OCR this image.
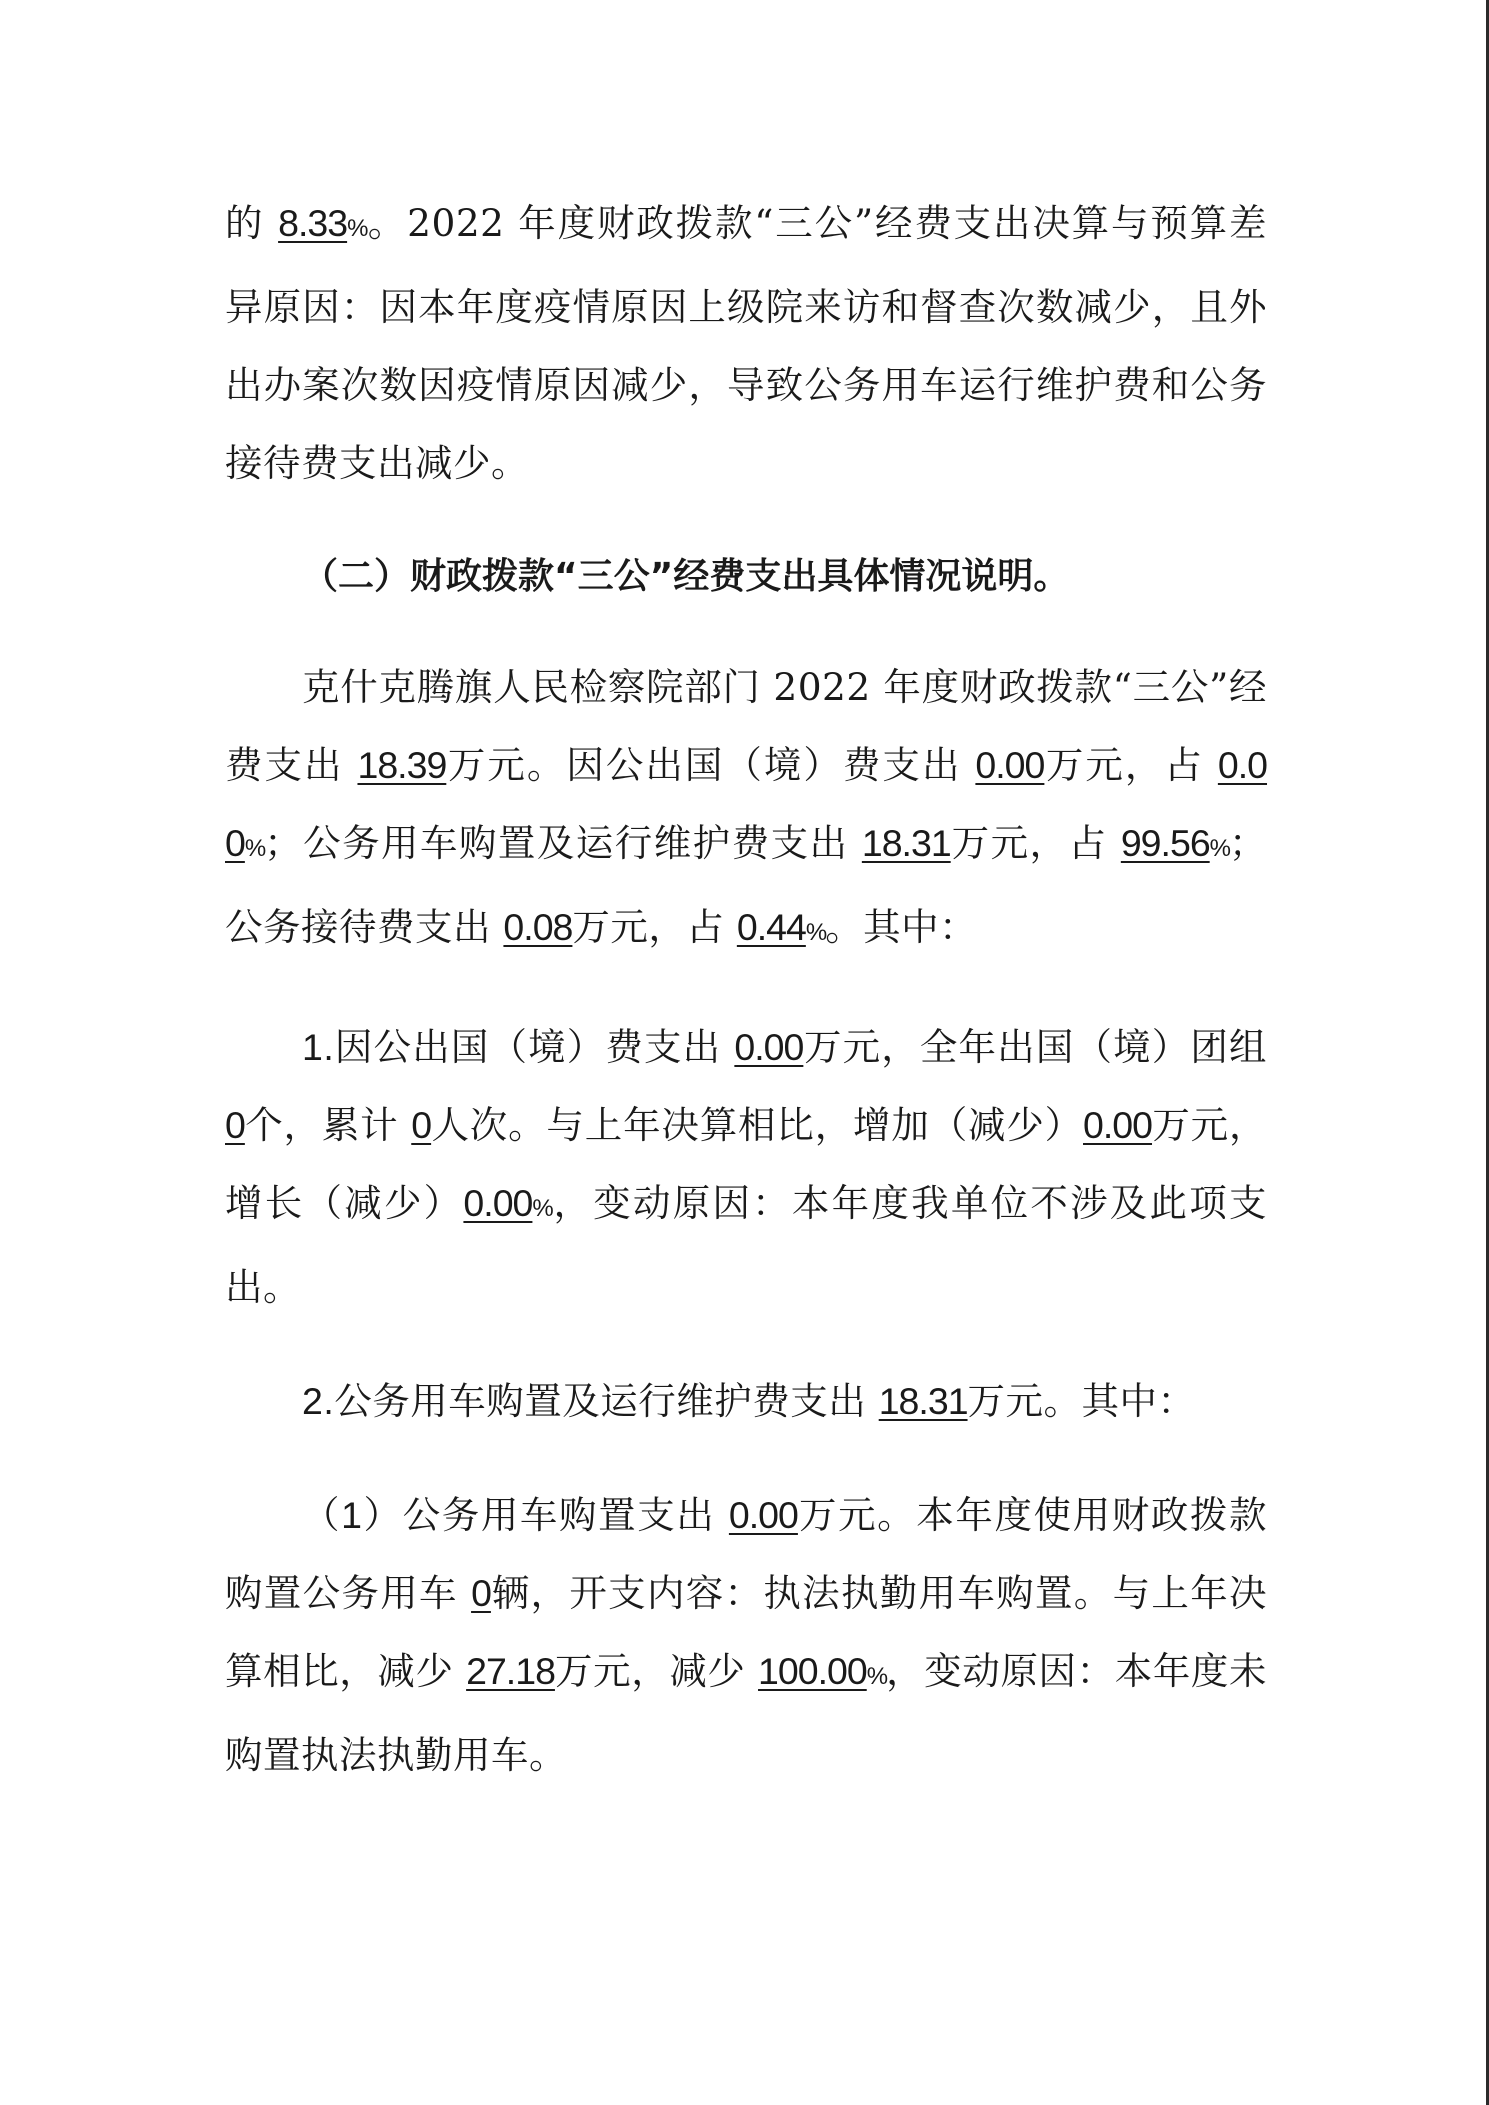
的 8.33%。2022 年度财政拨款“三公”经费支出决算与预算差异原因：因本年度疫情原因上级院来访和督查次数减少，且外出办案次数因疫情原因减少，导致公务用车运行维护费和公务接待费支出减少。

（二）财政拨款“三公”经费支出具体情况说明。

克什克腾旗人民检察院部门 2022 年度财政拨款“三公”经费支出 18.39万元。因公出国（境）费支出 0.00万元，占 0.00%；公务用车购置及运行维护费支出 18.31万元，占 99.56%；公务接待费支出 0.08万元，占 0.44%。其中：

1.因公出国（境）费支出 0.00万元，全年出国（境）团组 0个，累计 0人次。与上年决算相比，增加（减少）0.00万元，增长（减少）0.00%，变动原因：本年度我单位不涉及此项支出。

2.公务用车购置及运行维护费支出 18.31万元。其中：

（1）公务用车购置支出 0.00万元。本年度使用财政拨款购置公务用车 0辆，开支内容：执法执勤用车购置。与上年决算相比，减少 27.18万元，减少 100.00%，变动原因：本年度未购置执法执勤用车。
